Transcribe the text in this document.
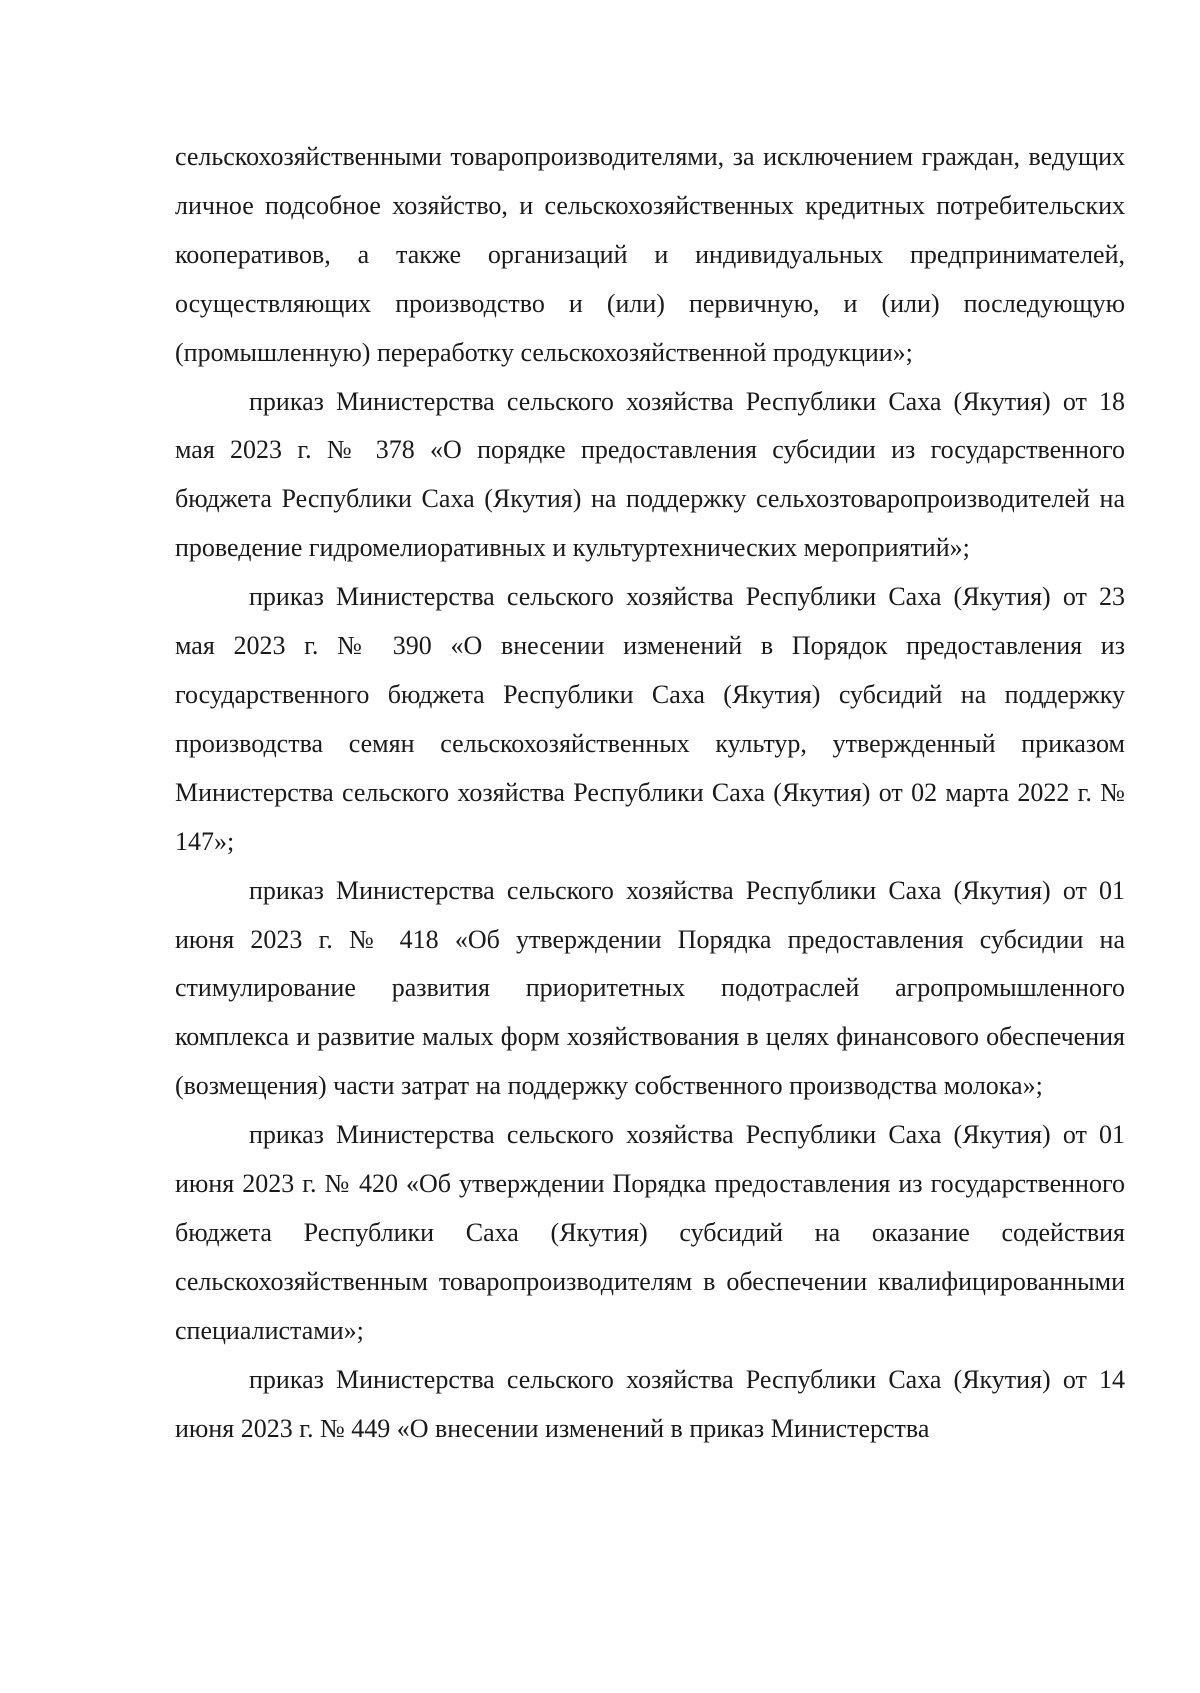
сельскохозяйственными товаропроизводителями, за исключением граждан, ведущих личное подсобное хозяйство, и сельскохозяйственных кредитных потребительских кооперативов, а также организаций и индивидуальных предпринимателей, осуществляющих производство и (или) первичную, и (или) последующую (промышленную) переработку сельскохозяйственной продукции»;

приказ Министерства сельского хозяйства Республики Саха (Якутия) от 18 мая 2023 г. № 378 «О порядке предоставления субсидии из государственного бюджета Республики Саха (Якутия) на поддержку сельхозтоваропроизводителей на проведение гидромелиоративных и культуртехнических мероприятий»;

приказ Министерства сельского хозяйства Республики Саха (Якутия) от 23 мая 2023 г. № 390 «О внесении изменений в Порядок предоставления из государственного бюджета Республики Саха (Якутия) субсидий на поддержку производства семян сельскохозяйственных культур, утвержденный приказом Министерства сельского хозяйства Республики Саха (Якутия) от 02 марта 2022 г. № 147»;

приказ Министерства сельского хозяйства Республики Саха (Якутия) от 01 июня 2023 г. № 418 «Об утверждении Порядка предоставления субсидии на стимулирование развития приоритетных подотраслей агропромышленного комплекса и развитие малых форм хозяйствования в целях финансового обеспечения (возмещения) части затрат на поддержку собственного производства молока»;

приказ Министерства сельского хозяйства Республики Саха (Якутия) от 01 июня 2023 г. № 420 «Об утверждении Порядка предоставления из государственного бюджета Республики Саха (Якутия) субсидий на оказание содействия сельскохозяйственным товаропроизводителям в обеспечении квалифицированными специалистами»;

приказ Министерства сельского хозяйства Республики Саха (Якутия) от 14 июня 2023 г. № 449 «О внесении изменений в приказ Министерства
